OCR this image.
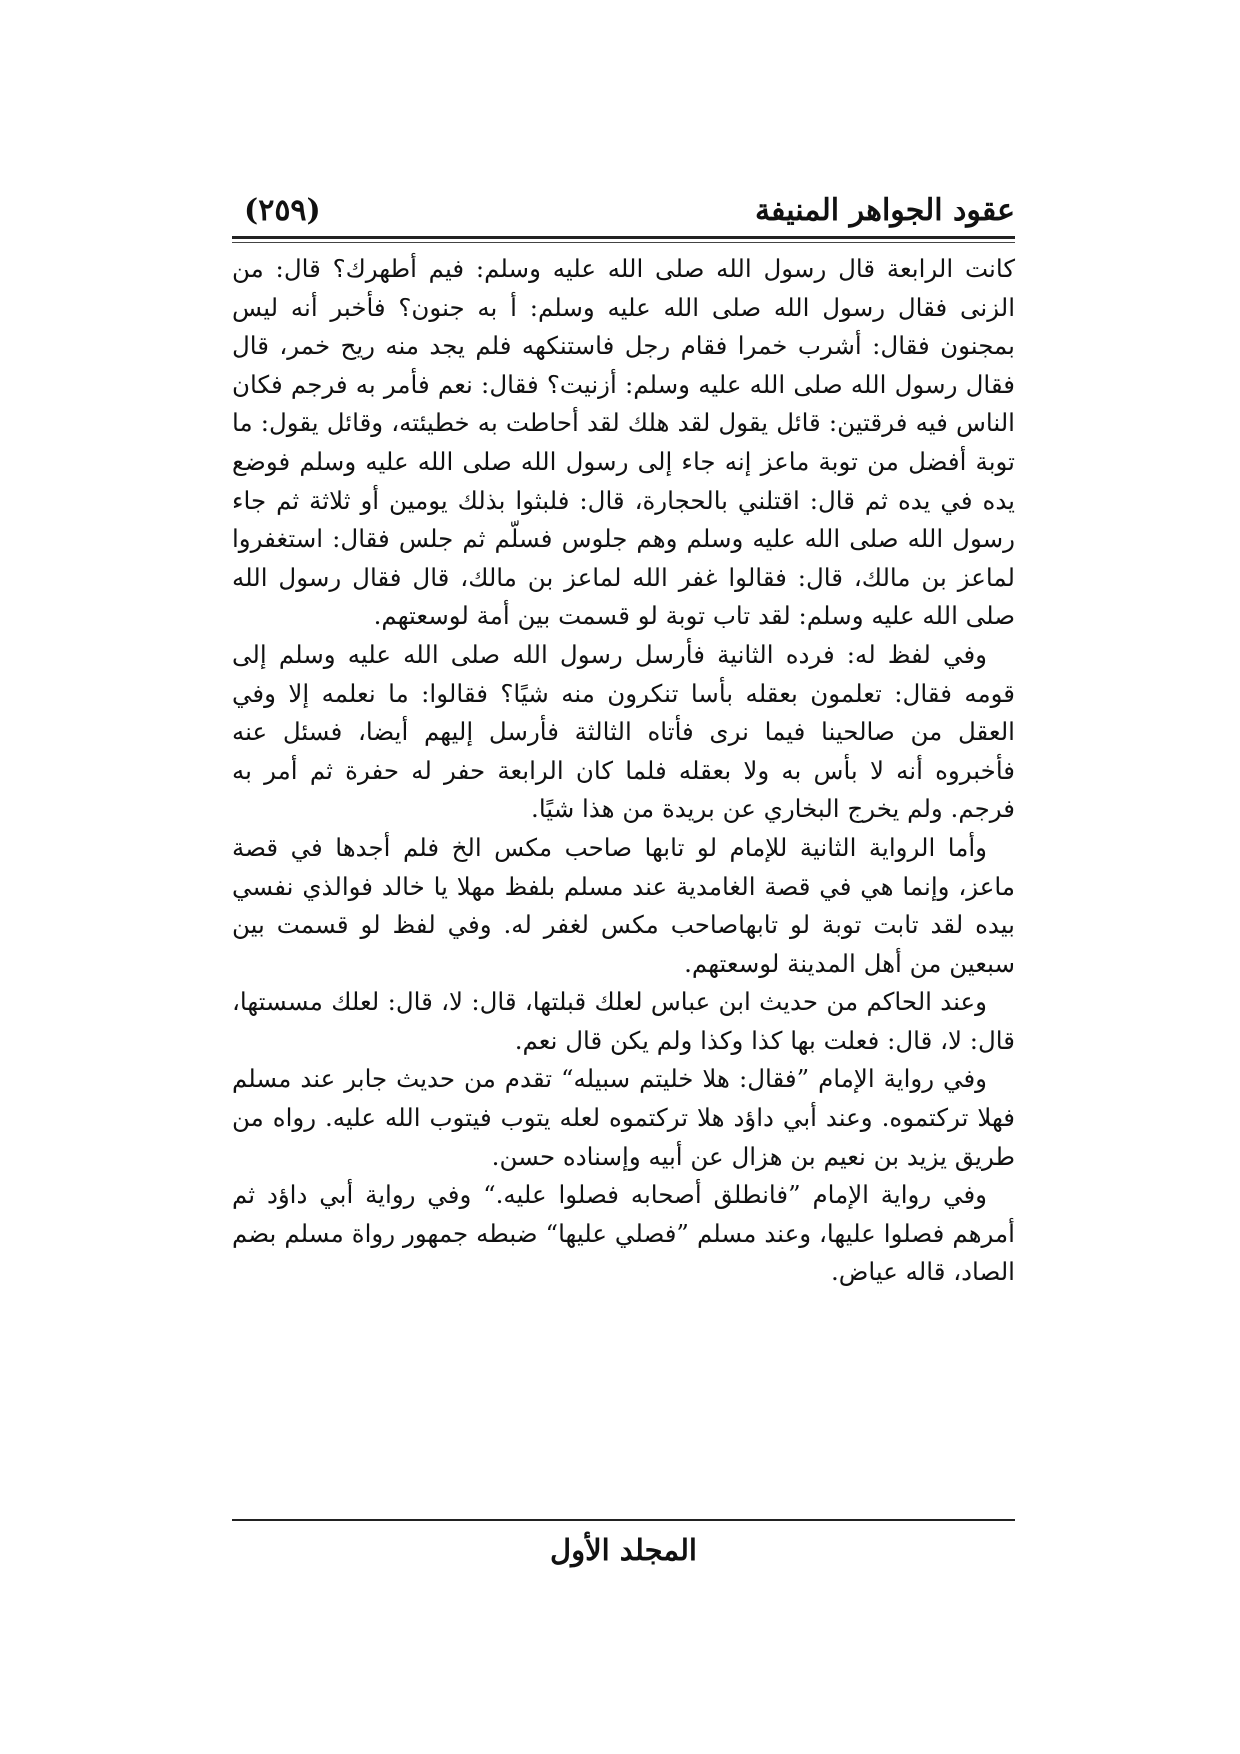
عقود الجواهر المنيفة
(٢٥٩)

كانت الرابعة قال رسول الله صلى الله عليه وسلم: فيم أطهرك؟ قال: من الزنى فقال رسول الله صلى الله عليه وسلم: أ به جنون؟ فأخبر أنه ليس بمجنون فقال: أشرب خمرا فقام رجل فاستنكهه فلم يجد منه ريح خمر، قال فقال رسول الله صلى الله عليه وسلم: أزنيت؟ فقال: نعم فأمر به فرجم فكان الناس فيه فرقتين: قائل يقول لقد هلك لقد أحاطت به خطيئته، وقائل يقول: ما توبة أفضل من توبة ماعز إنه جاء إلى رسول الله صلى الله عليه وسلم فوضع يده في يده ثم قال: اقتلني بالحجارة، قال: فلبثوا بذلك يومين أو ثلاثة ثم جاء رسول الله صلى الله عليه وسلم وهم جلوس فسلّم ثم جلس فقال: استغفروا لماعز بن مالك، قال: فقالوا غفر الله لماعز بن مالك، قال فقال رسول الله صلى الله عليه وسلم: لقد تاب توبة لو قسمت بين أمة لوسعتهم.

وفي لفظ له: فرده الثانية فأرسل رسول الله صلى الله عليه وسلم إلى قومه فقال: تعلمون بعقله بأسا تنكرون منه شيًا؟ فقالوا: ما نعلمه إلا وفي العقل من صالحينا فيما نرى فأتاه الثالثة فأرسل إليهم أيضا، فسئل عنه فأخبروه أنه لا بأس به ولا بعقله فلما كان الرابعة حفر له حفرة ثم أمر به فرجم. ولم يخرج البخاري عن بريدة من هذا شيًا.

وأما الرواية الثانية للإمام لو تابها صاحب مكس الخ فلم أجدها في قصة ماعز، وإنما هي في قصة الغامدية عند مسلم بلفظ مهلا يا خالد فوالذي نفسي بيده لقد تابت توبة لو تابهاصاحب مكس لغفر له. وفي لفظ لو قسمت بين سبعين من أهل المدينة لوسعتهم.

وعند الحاكم من حديث ابن عباس لعلك قبلتها، قال: لا، قال: لعلك مسستها، قال: لا، قال: فعلت بها كذا وكذا ولم يكن قال نعم.

وفي رواية الإمام ”فقال: هلا خليتم سبيله“ تقدم من حديث جابر عند مسلم فهلا تركتموه. وعند أبي داؤد هلا تركتموه لعله يتوب فيتوب الله عليه. رواه من طريق يزيد بن نعيم بن هزال عن أبيه وإسناده حسن.

وفي رواية الإمام ”فانطلق أصحابه فصلوا عليه.“ وفي رواية أبي داؤد ثم أمرهم فصلوا عليها، وعند مسلم ”فصلي عليها“ ضبطه جمهور رواة مسلم بضم الصاد، قاله عياض.

المجلد الأول
